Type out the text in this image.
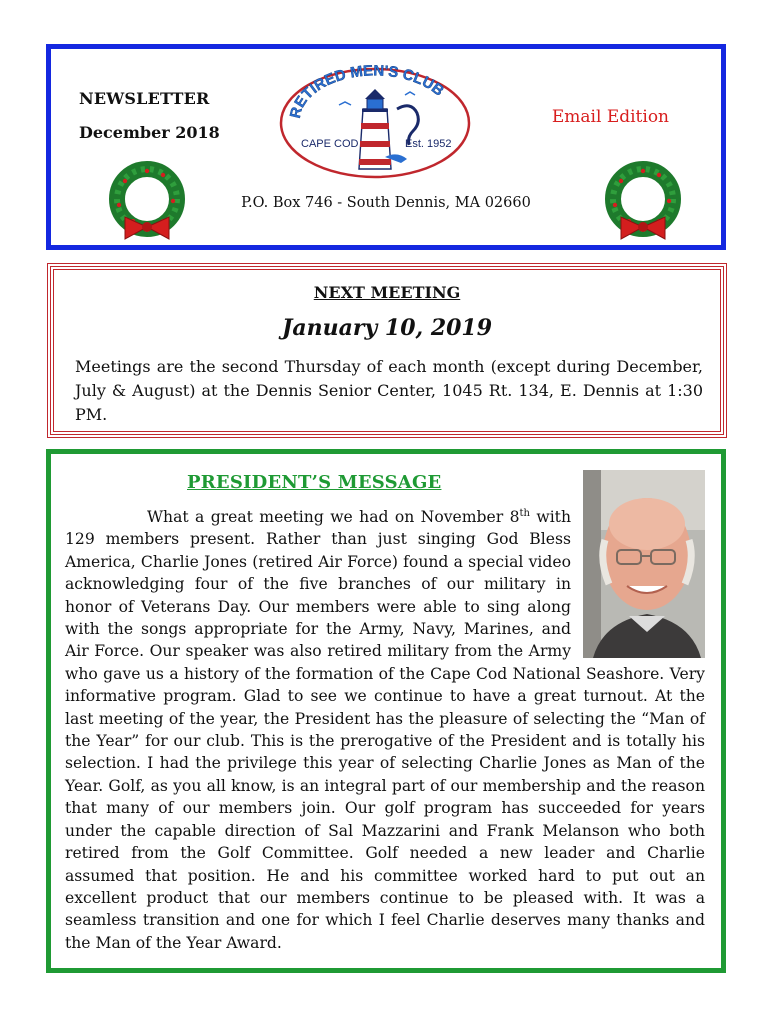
NEWSLETTER
December 2018
RETIRED MEN'S CLUB
CAPE COD	Est. 1952
Email Edition
P.O. Box 746 - South Dennis, MA 02660
NEXT MEETING
January 10, 2019
Meetings are the second Thursday of each month (except during December, July & August) at the Dennis Senior Center, 1045 Rt. 134, E. Dennis at 1:30 PM.
PRESIDENT’S MESSAGE
What a great meeting we had on November 8th with 129 members present. Rather than just singing God Bless America, Charlie Jones (retired Air Force) found a special video acknowledging four of the five branches of our military in honor of Veterans Day. Our members were able to sing along with the songs appropriate for the Army, Navy, Marines, and Air Force. Our speaker was also retired military from the Army who gave us a history of the formation of the Cape Cod National Seashore. Very informative program. Glad to see we continue to have a great turnout. At the last meeting of the year, the President has the pleasure of selecting the “Man of the Year” for our club. This is the prerogative of the President and is totally his selection. I had the privilege this year of selecting Charlie Jones as Man of the Year. Golf, as you all know, is an integral part of our membership and the reason that many of our members join. Our golf program has succeeded for years under the capable direction of Sal Mazzarini and Frank Melanson who both retired from the Golf Committee. Golf needed a new leader and Charlie assumed that position. He and his committee worked hard to put out an excellent product that our members continue to be pleased with. It was a seamless transition and one for which I feel Charlie deserves many thanks and the Man of the Year Award.
